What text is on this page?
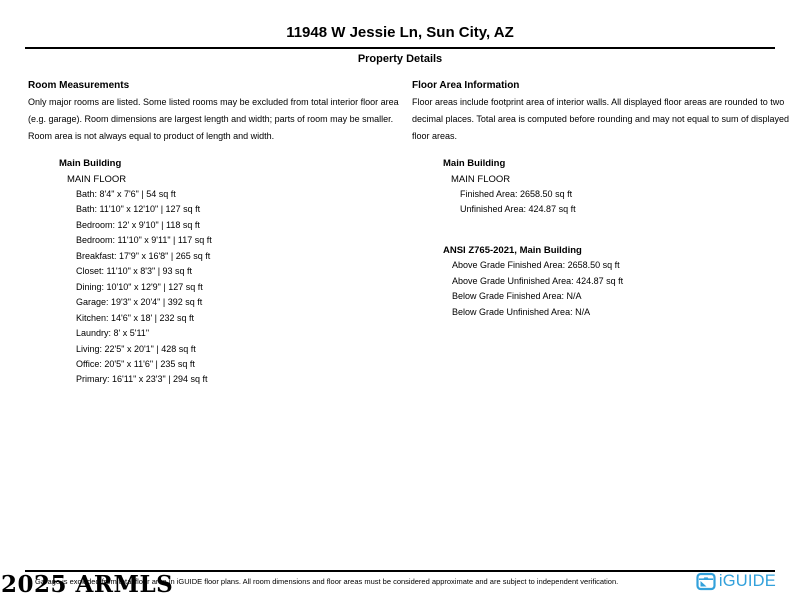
11948 W Jessie Ln, Sun City, AZ
Property Details
Room Measurements
Only major rooms are listed. Some listed rooms may be excluded from total interior floor area
(e.g. garage). Room dimensions are largest length and width; parts of room may be smaller.
Room area is not always equal to product of length and width.
Main Building
MAIN FLOOR
Bath: 8'4" x 7'6" | 54 sq ft
Bath: 11'10" x 12'10" | 127 sq ft
Bedroom: 12' x 9'10" | 118 sq ft
Bedroom: 11'10" x 9'11" | 117 sq ft
Breakfast: 17'9" x 16'8" | 265 sq ft
Closet: 11'10" x 8'3" | 93 sq ft
Dining: 10'10" x 12'9" | 127 sq ft
Garage: 19'3" x 20'4" | 392 sq ft
Kitchen: 14'6" x 18' | 232 sq ft
Laundry: 8' x 5'11"
Living: 22'5" x 20'1" | 428 sq ft
Office: 20'5" x 11'6" | 235 sq ft
Primary: 16'11" x 23'3" | 294 sq ft
Floor Area Information
Floor areas include footprint area of interior walls. All displayed floor areas are rounded to two
decimal places. Total area is computed before rounding and may not equal to sum of displayed
floor areas.
Main Building
MAIN FLOOR
Finished Area: 2658.50 sq ft
Unfinished Area: 424.87 sq ft
ANSI Z765-2021, Main Building
Above Grade Finished Area: 2658.50 sq ft
Above Grade Unfinished Area: 424.87 sq ft
Below Grade Finished Area: N/A
Below Grade Unfinished Area: N/A
Garage is excluded from total floor area in iGUIDE floor plans. All room dimensions and floor areas must be considered approximate and are subject to independent verification.
2025 ARMLS	iGUIDE
